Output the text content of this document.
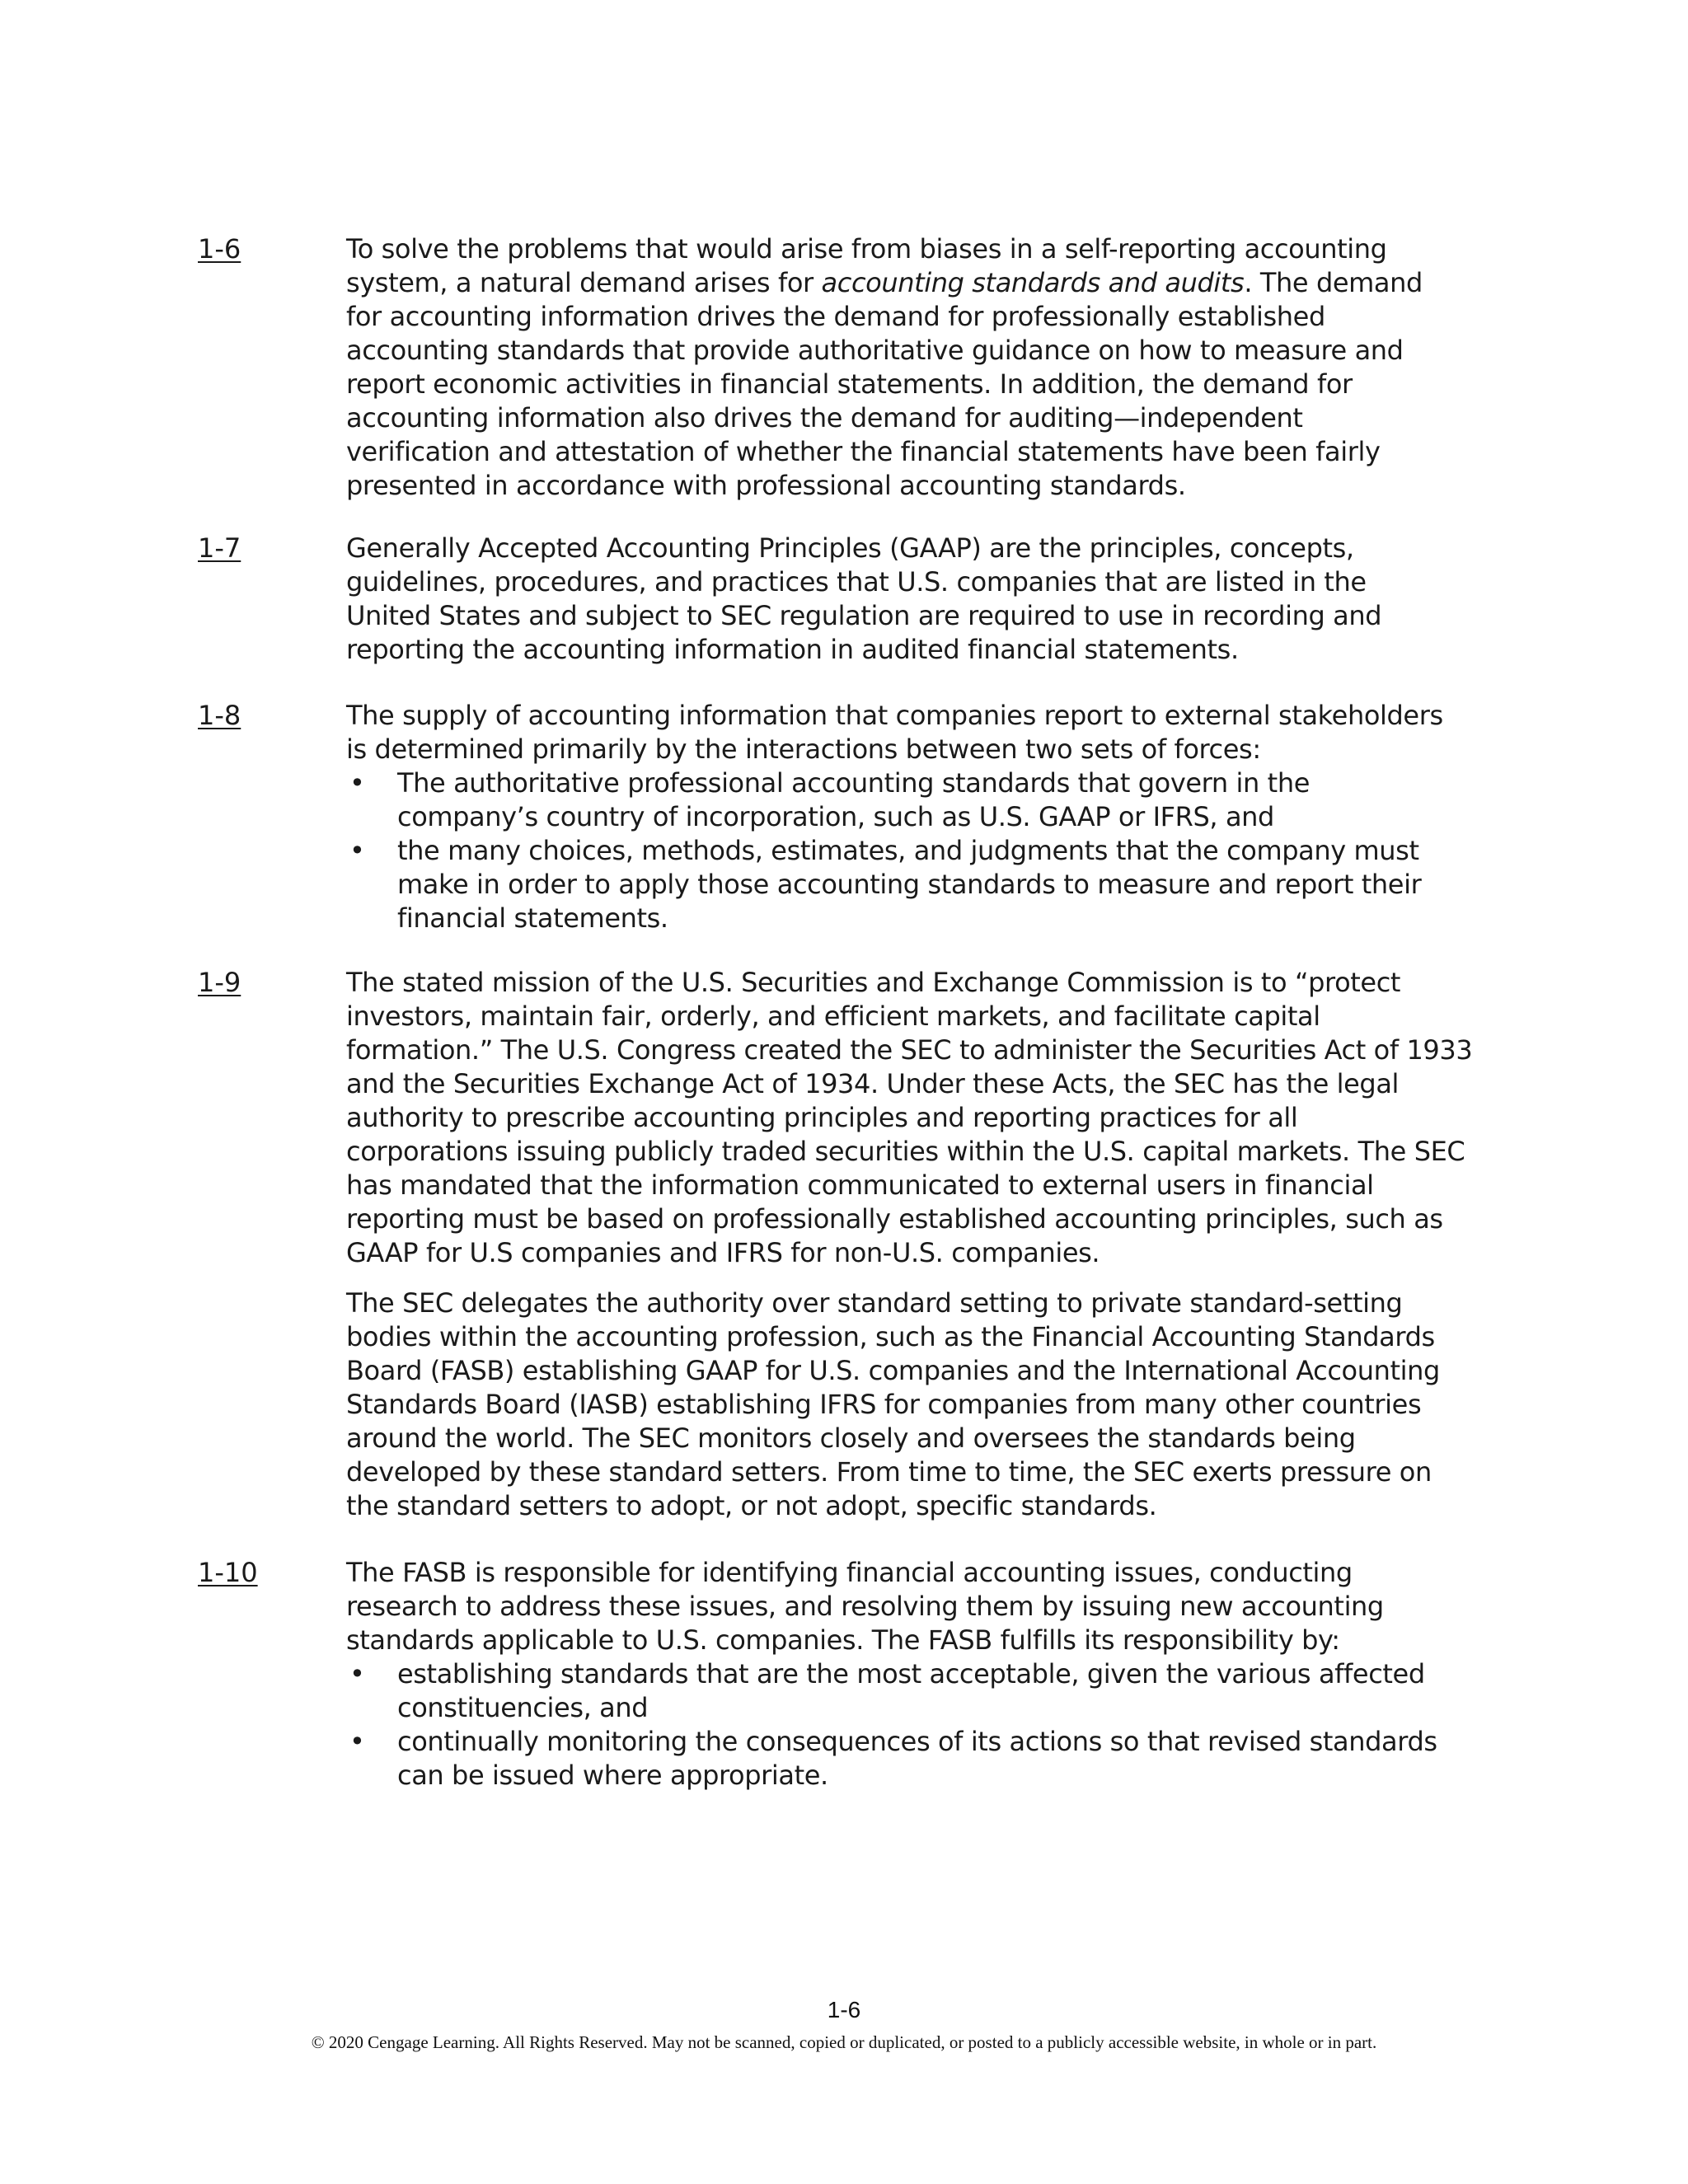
1-6	To solve the problems that would arise from biases in a self-reporting accounting
system, a natural demand arises for accounting standards and audits. The demand
for accounting information drives the demand for professionally established
accounting standards that provide authoritative guidance on how to measure and
report economic activities in financial statements. In addition, the demand for
accounting information also drives the demand for auditing—independent
verification and attestation of whether the financial statements have been fairly
presented in accordance with professional accounting standards.

1-7	Generally Accepted Accounting Principles (GAAP) are the principles, concepts,
guidelines, procedures, and practices that U.S. companies that are listed in the
United States and subject to SEC regulation are required to use in recording and
reporting the accounting information in audited financial statements.

1-8	The supply of accounting information that companies report to external stakeholders
is determined primarily by the interactions between two sets of forces:

• The authoritative professional accounting standards that govern in the
company’s country of incorporation, such as U.S. GAAP or IFRS, and
• the many choices, methods, estimates, and judgments that the company must
make in order to apply those accounting standards to measure and report their
financial statements.
1-9	The stated mission of the U.S. Securities and Exchange Commission is to “protect
investors, maintain fair, orderly, and efficient markets, and facilitate capital
formation.” The U.S. Congress created the SEC to administer the Securities Act of 1933
and the Securities Exchange Act of 1934. Under these Acts, the SEC has the legal
authority to prescribe accounting principles and reporting practices for all
corporations issuing publicly traded securities within the U.S. capital markets. The SEC
has mandated that the information communicated to external users in financial
reporting must be based on professionally established accounting principles, such as
GAAP for U.S companies and IFRS for non-U.S. companies.

The SEC delegates the authority over standard setting to private standard-setting
bodies within the accounting profession, such as the Financial Accounting Standards
Board (FASB) establishing GAAP for U.S. companies and the International Accounting
Standards Board (IASB) establishing IFRS for companies from many other countries
around the world. The SEC monitors closely and oversees the standards being
developed by these standard setters. From time to time, the SEC exerts pressure on
the standard setters to adopt, or not adopt, specific standards.

1-10	The FASB is responsible for identifying financial accounting issues, conducting
research to address these issues, and resolving them by issuing new accounting
standards applicable to U.S. companies. The FASB fulfills its responsibility by:

• establishing standards that are the most acceptable, given the various affected
constituencies, and
• continually monitoring the consequences of its actions so that revised standards
can be issued where appropriate.
1-6
© 2020 Cengage Learning. All Rights Reserved. May not be scanned, copied or duplicated, or posted to a publicly accessible website, in whole or in part.
